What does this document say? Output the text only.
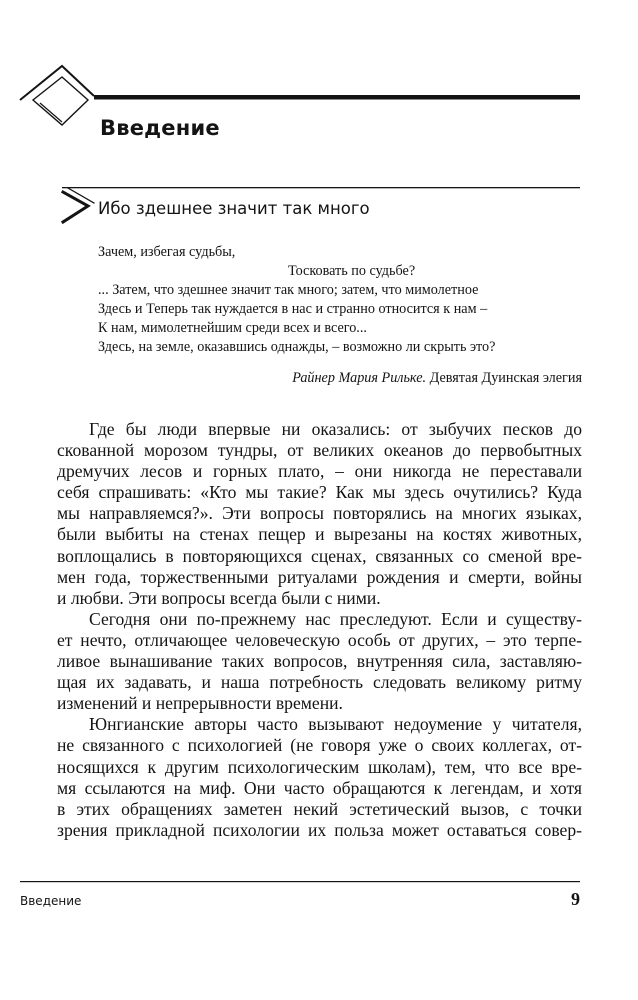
Введение
Ибо здешнее значит так много
Зачем, избегая судьбы,
Тосковать по судьбе?
... Затем, что здешнее значит так много; затем, что мимолетное
Здесь и Теперь так нуждается в нас и странно относится к нам –
К нам, мимолетнейшим среди всех и всего...
Здесь, на земле, оказавшись однажды, – возможно ли скрыть это?
Райнер Мария Рильке. Девятая Дуинская элегия
Где бы люди впервые ни оказались: от зыбучих песков до
скованной морозом тундры, от великих океанов до первобытных
дремучих лесов и горных плато, – они никогда не переставали
себя спрашивать: «Кто мы такие? Как мы здесь очутились? Куда
мы направляемся?». Эти вопросы повторялись на многих языках,
были выбиты на стенах пещер и вырезаны на костях животных,
воплощались в повторяющихся сценах, связанных со сменой вре-
мен года, торжественными ритуалами рождения и смерти, войны
и любви. Эти вопросы всегда были с ними.
Сегодня они по-прежнему нас преследуют. Если и существу-
ет нечто, отличающее человеческую особь от других, – это терпе-
ливое вынашивание таких вопросов, внутренняя сила, заставляю-
щая их задавать, и наша потребность следовать великому ритму
изменений и непрерывности времени.
Юнгианские авторы часто вызывают недоумение у читателя,
не связанного с психологией (не говоря уже о своих коллегах, от-
носящихся к другим психологическим школам), тем, что все вре-
мя ссылаются на миф. Они часто обращаются к легендам, и хотя
в этих обращениях заметен некий эстетический вызов, с точки
зрения прикладной психологии их польза может оставаться совер-
Введение	9
